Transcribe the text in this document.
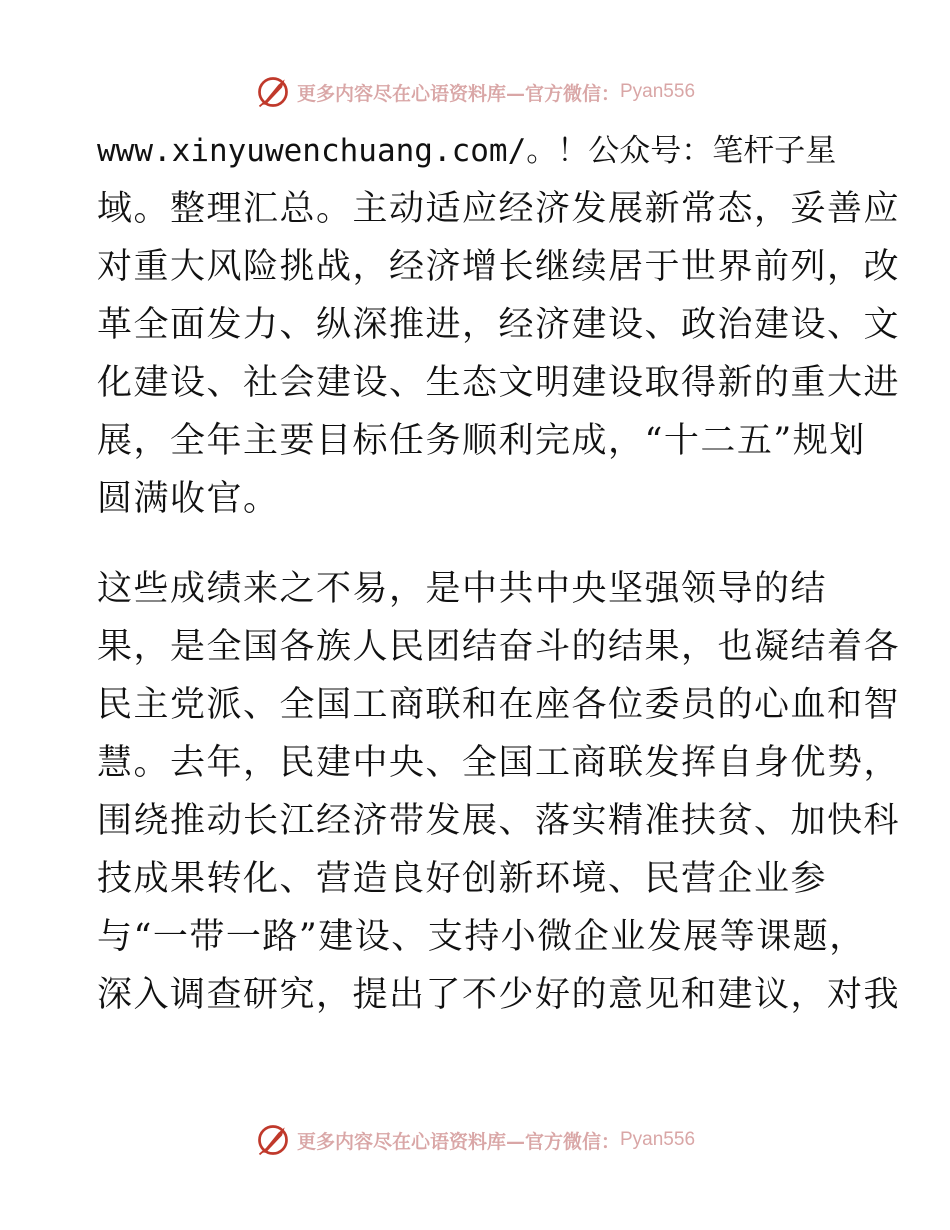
更多内容尽在心语资料库—官方微信： Pyan556
www.xinyuwenchuang.com/。！公众号：笔杆子星
域。整理汇总。主动适应经济发展新常态，妥善应
对重大风险挑战，经济增长继续居于世界前列，改
革全面发力、纵深推进，经济建设、政治建设、文
化建设、社会建设、生态文明建设取得新的重大进
展，全年主要目标任务顺利完成，“十二五”规划
圆满收官。
这些成绩来之不易，是中共中央坚强领导的结
果，是全国各族人民团结奋斗的结果，也凝结着各
民主党派、全国工商联和在座各位委员的心血和智
慧。去年，民建中央、全国工商联发挥自身优势，
围绕推动长江经济带发展、落实精准扶贫、加快科
技成果转化、营造良好创新环境、民营企业参
与“一带一路”建设、支持小微企业发展等课题，
深入调查研究，提出了不少好的意见和建议，对我
更多内容尽在心语资料库—官方微信： Pyan556
